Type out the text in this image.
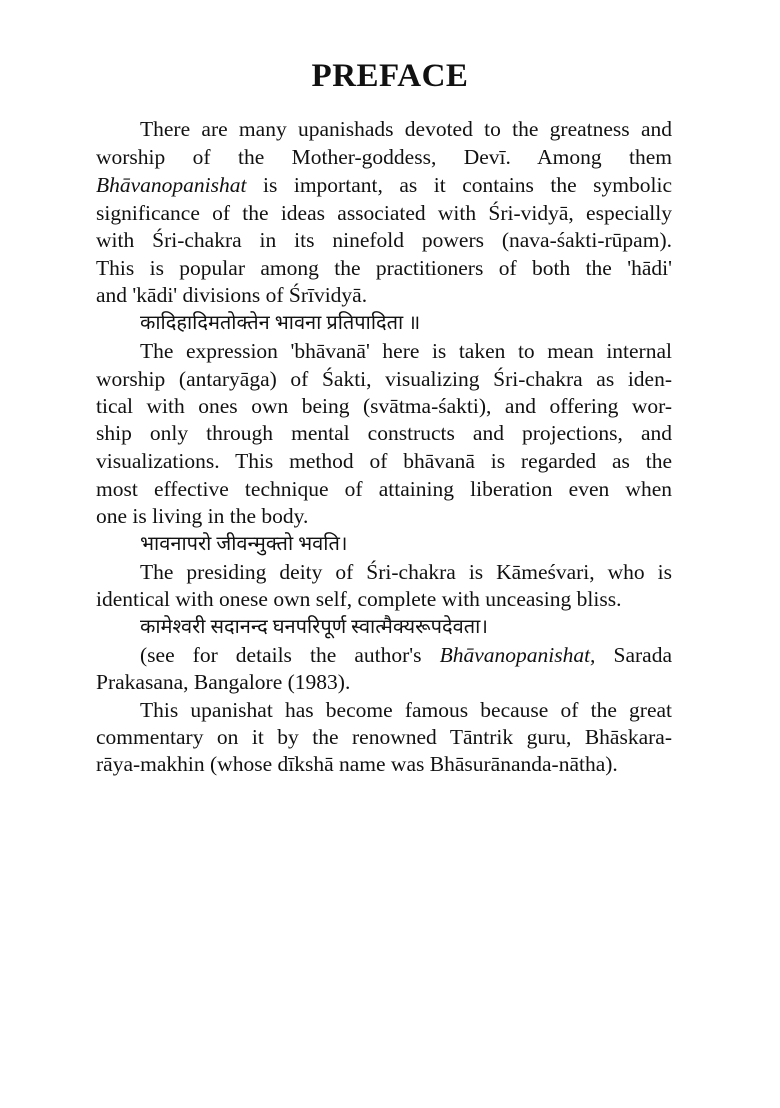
PREFACE
There are many upanishads devoted to the greatness and
worship of the Mother-goddess, Devī. Among them
Bhāvanopanishat is important, as it contains the symbolic
significance of the ideas associated with Śri-vidyā, especially
with Śri-chakra in its ninefold powers (nava-śakti-rūpam).
This is popular among the practitioners of both the 'hādi'
and 'kādi' divisions of Śrīvidyā.
कादिहादिमतोक्तेन भावना प्रतिपादिता ॥
The expression 'bhāvanā' here is taken to mean internal
worship (antaryāga) of Śakti, visualizing Śri-chakra as iden-
tical with ones own being (svātma-śakti), and offering wor-
ship only through mental constructs and projections, and
visualizations. This method of bhāvanā is regarded as the
most effective technique of attaining liberation even when
one is living in the body.
भावनापरो जीवन्मुक्तो भवति।
The presiding deity of Śri-chakra is Kāmeśvari, who is
identical with onese own self, complete with unceasing bliss.
कामेश्वरी सदानन्द घनपरिपूर्ण स्वात्मैक्यरूपदेवता।
(see for details the author's Bhāvanopanishat, Sarada
Prakasana, Bangalore (1983).
This upanishat has become famous because of the great
commentary on it by the renowned Tāntrik guru, Bhāskara-
rāya-makhin (whose dīkshā name was Bhāsurānanda-nātha).
